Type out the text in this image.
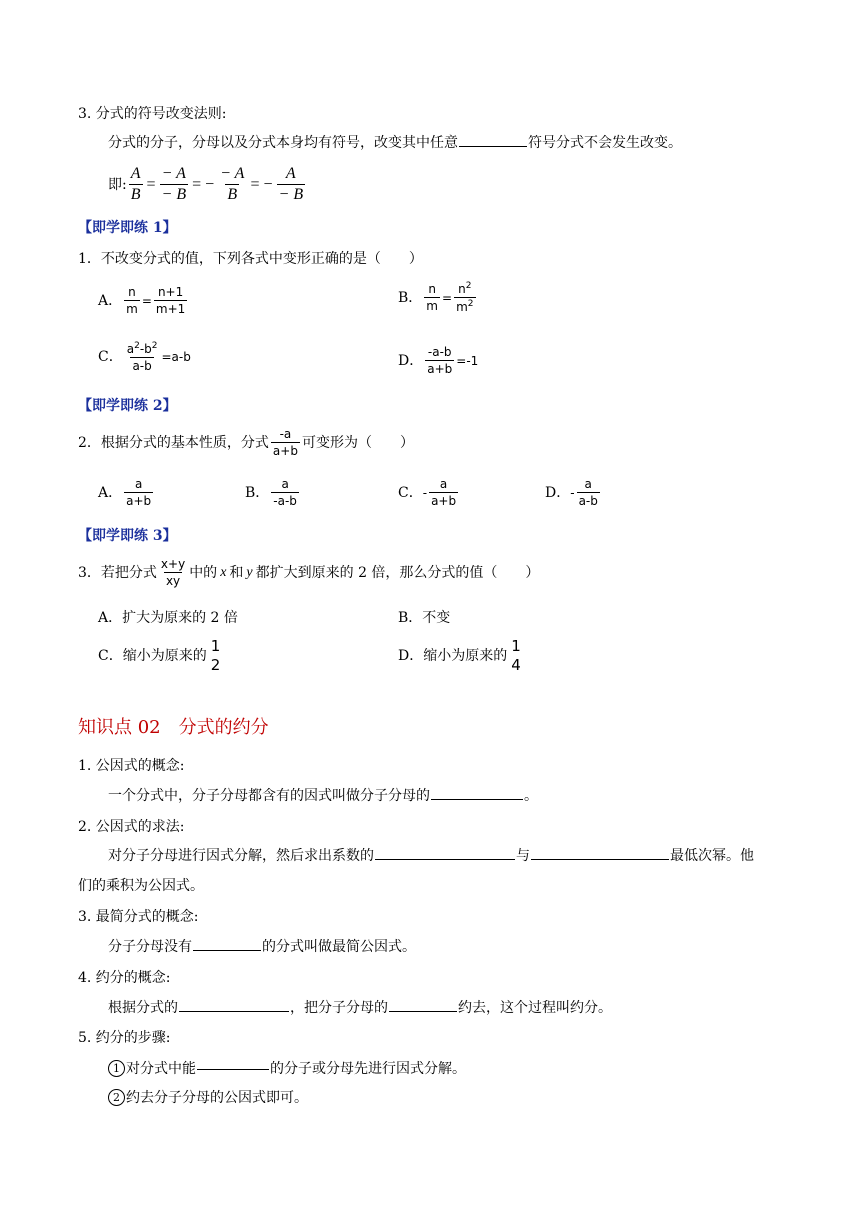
3. 分式的符号改变法则:
分式的分子，分母以及分式本身均有符号，改变其中任意	符号分式不会发生改变。
即: $\frac{A}{B} = \frac{- A}{- B}$ = − $\frac{- A}{B}$ = − $\frac{A}{- B}$
【即学即练 1】
1．不改变分式的值，下列各式中变形正确的是（　　）
A． $\frac{n}{m} = \frac{n+1}{m+1}$	B． $\frac{n}{m} = \frac{n^2}{m^2}$
C． $\frac{a^2-b^2}{a-b} =a-b$	D． $\frac{-a-b}{a+b} =-1$
【即学即练 2】
2．根据分式的基本性质，分式 $\frac{-a}{a+b}$ 可变形为（　　）
A． $\frac{a}{a+b}$	B． $\frac{a}{-a-b}$	C． - $\frac{a}{a+b}$	D． - $\frac{a}{a-b}$
【即学即练 3】
3．若把分式 $\frac{x+y}{xy}$ 中的 x 和 y 都扩大到原来的 2 倍，那么分式的值（　　）
A．扩大为原来的 2 倍	B．不变
C．缩小为原来的
1
2	D．缩小为原来的
1
4
知识点 02　分式的约分
1. 公因式的概念:
一个分式中，分子分母都含有的因式叫做分子分母的	。
2. 公因式的求法:
对分子分母进行因式分解，然后求出系数的	与	最低次幂。他
们的乘积为公因式。
3. 最简分式的概念:
分子分母没有	的分式叫做最简公因式。
4. 约分的概念:
根据分式的	，把分子分母的	约去，这个过程叫约分。
5. 约分的步骤:
1 对分式中能	的分子或分母先进行因式分解。
2 约去分子分母的公因式即可。
